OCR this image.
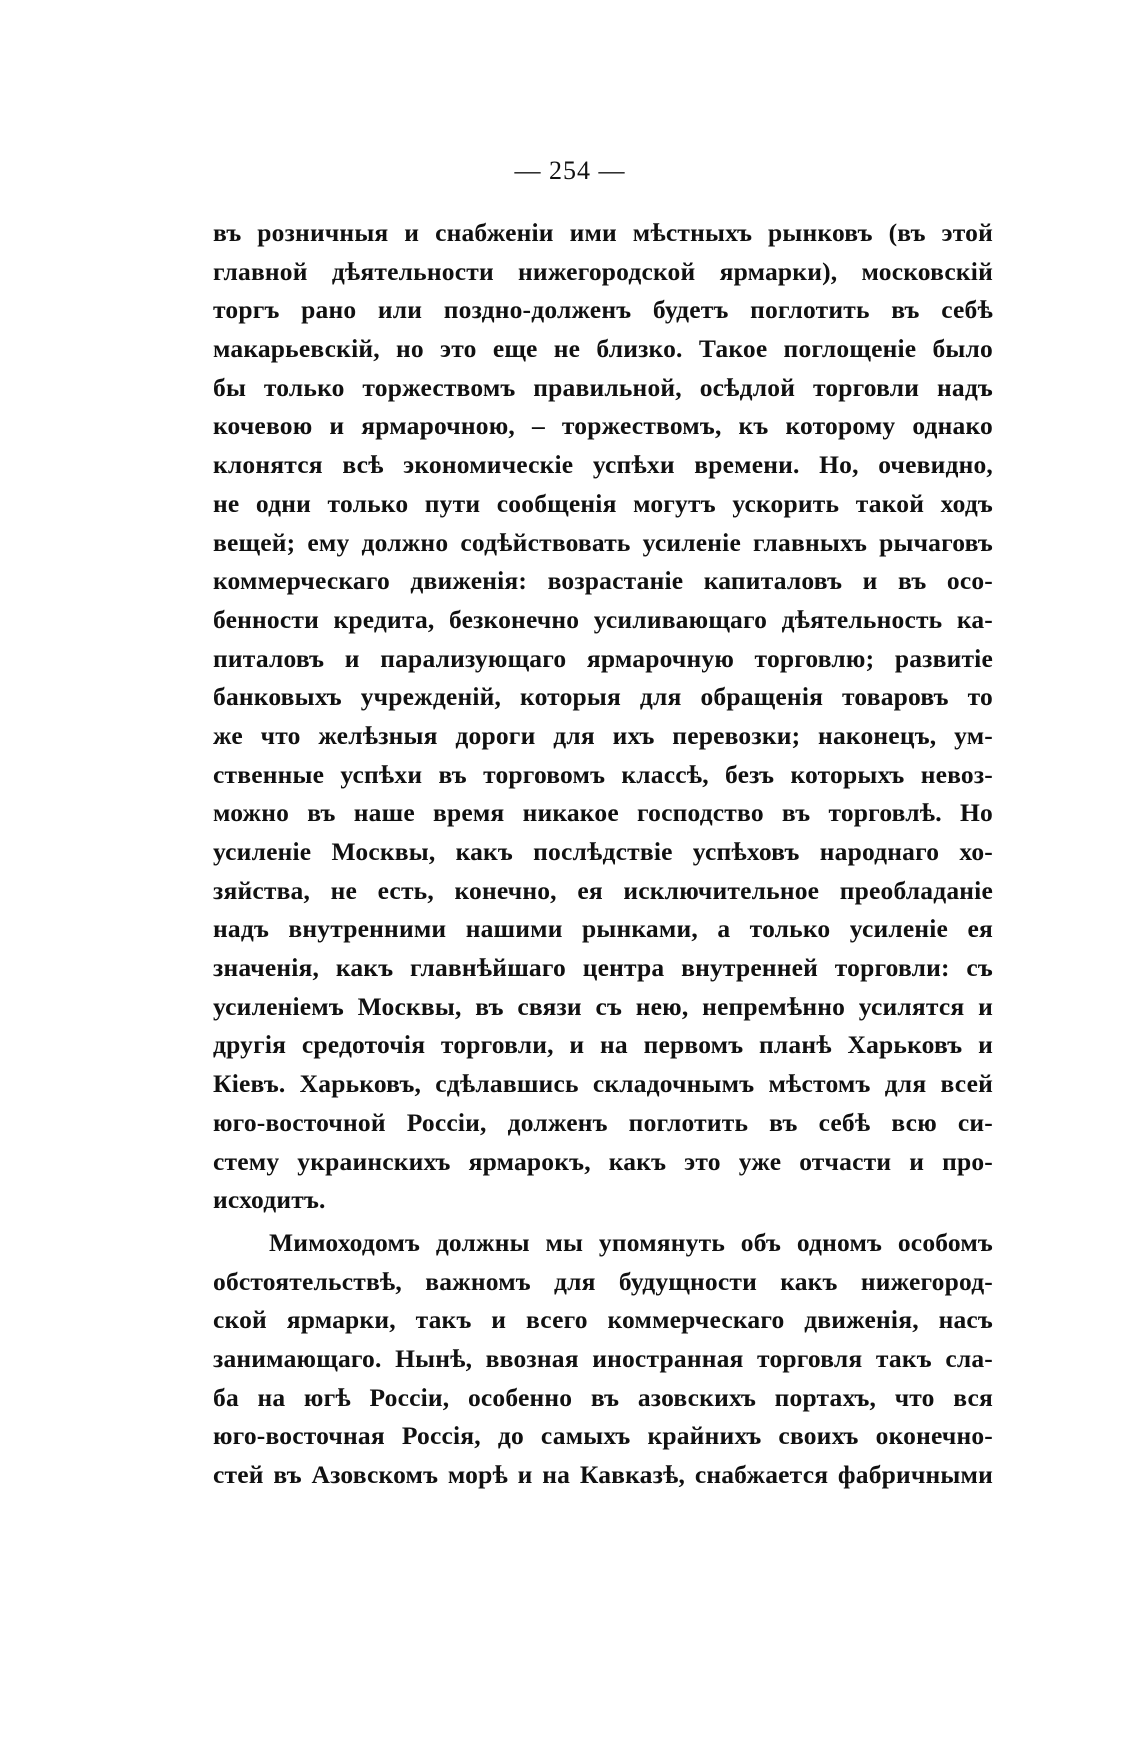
— 254 —
въ розничныя и снабженіи ими мѣстныхъ рынковъ (въ этой
главной дѣятельности нижегородской ярмарки), московскій
торгъ рано или поздно-долженъ будетъ поглотить въ себѣ
макарьевскій, но это еще не близко. Такое поглощеніе было
бы только торжествомъ правильной, осѣдлой торговли надъ
кочевою и ярмарочною, – торжествомъ, къ которому однако
клонятся всѣ экономическіе успѣхи времени. Но, очевидно,
не одни только пути сообщенія могутъ ускорить такой ходъ
вещей; ему должно содѣйствовать усиленіе главныхъ рычаговъ
коммерческаго движенія: возрастаніе капиталовъ и въ осо-
бенности кредита, безконечно усиливающаго дѣятельность ка-
питаловъ и парализующаго ярмарочную торговлю; развитіе
банковыхъ учрежденій, которыя для обращенія товаровъ то
же что желѣзныя дороги для ихъ перевозки; наконецъ, ум-
ственные успѣхи въ торговомъ классѣ, безъ которыхъ невоз-
можно въ наше время никакое господство въ торговлѣ. Но
усиленіе Москвы, какъ послѣдствіе успѣховъ народнаго хо-
зяйства, не есть, конечно, ея исключительное преобладаніе
надъ внутренними нашими рынками, а только усиленіе ея
значенія, какъ главнѣйшаго центра внутренней торговли: съ
усиленіемъ Москвы, въ связи съ нею, непремѣнно усилятся и
другія средоточія торговли, и на первомъ планѣ Харьковъ и
Кіевъ. Харьковъ, сдѣлавшись складочнымъ мѣстомъ для всей
юго-восточной Россіи, долженъ поглотить въ себѣ всю си-
стему украинскихъ ярмарокъ, какъ это уже отчасти и про-
исходитъ.
Мимоходомъ должны мы упомянуть объ одномъ особомъ
обстоятельствѣ, важномъ для будущности какъ нижегород-
ской ярмарки, такъ и всего коммерческаго движенія, насъ
занимающаго. Нынѣ, ввозная иностранная торговля такъ сла-
ба на югѣ Россіи, особенно въ азовскихъ портахъ, что вся
юго-восточная Россія, до самыхъ крайнихъ своихъ оконечно-
стей въ Азовскомъ морѣ и на Кавказѣ, снабжается фабричными
